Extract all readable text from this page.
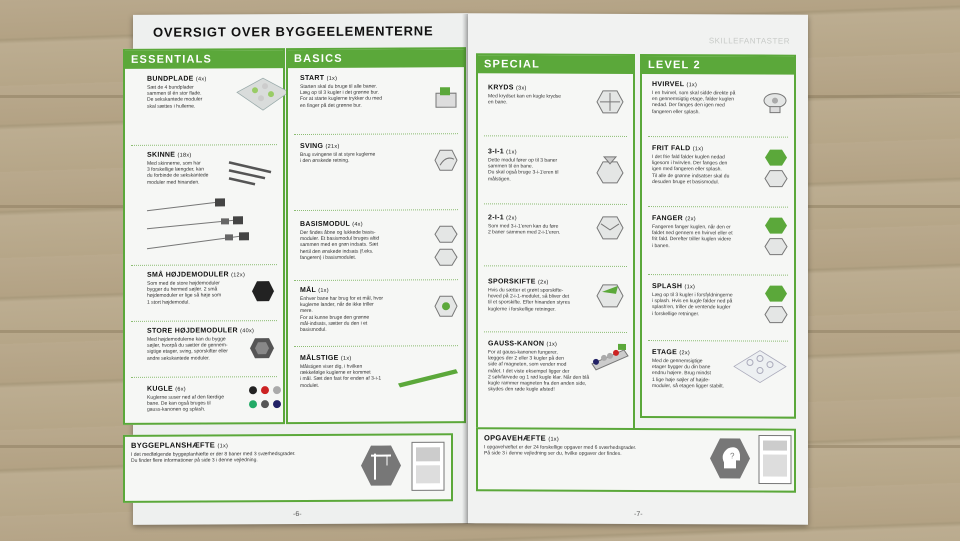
OVERSIGT OVER BYGGEELEMENTERNE
ESSENTIALS
BUNDPLADE (4x)
Sæt de 4 bundplader
sammen til én stor flade.
De sekskantede moduler
skal sættes i hullerne.
SKINNE (18x)
Med skinnerne, som har
3 forskellige længder, kan
du forbinde de sekskantede
moduler med hinanden.
SMÅ HØJDEMODULER (12x)
Som med de store højdemoduler
bygger du hermed søjler. 2 små
højdemoduler er lige så høje som
1 stort højdemodul.
STORE HØJDEMODULER (40x)
Med højdemodulerne kan du bygge
søjler, hvorpå du sætter de gennem-
sigtige etager, sving, sporskifter eller
andre sekskantede moduler.
KUGLE (6x)
Kuglerne suser ned af den færdige
bane. De kan også bruges til
gauss-kanonen og splash.
BASICS
START (1x)
Starten skal du bruge til alle baner.
Læg op til 3 kugler i det grønne bur.
For at starte kuglerne trykker du med
en finger på det grønne bur.
SVING (21x)
Brug svingene til at styre kuglerne
i den ønskede retning.
BASISMODUL (4x)
Der findes åbne og lukkede basis-
moduler. Et basismodul bruges altid
sammen med en grøn indsats. Sæt
hertil den ønskede indsats (f.eks.
fangeren) i basismodulet.
MÅL (1x)
Enhver bane har brug for et mål, hvor
kuglerne lander, når de ikke triller
mere.
For at kunne bruge den grønne
mål-indsats, sætter du den i et
basismodul.
MÅLSTIGE (1x)
Målstigen viser dig, i hvilken
rækkefølge kuglerne er kommet
i mål. Sæt den fast for enden af 3-i-1
modulet.
BYGGEPLANSHÆFTE (1x)
I det medfølgende byggeplanhæfte er der 8 baner med 3 sværhedsgrader.
Du finder flere informationer på side 3 i denne vejledning.
-6-
SKILLEFANTASTER
SPECIAL
KRYDS (3x)
Med krydset kan en kugle krydse
en bane.
3-I-1 (1x)
Dette modul fører op til 3 baner
sammen til én bane.
Du skal også bruge 3-i-1'eren til
målstigen.
2-I-1 (2x)
Som med 3-i-1'eren kan du føre
2 baner sammen med 2-i-1'eren.
SPORSKIFTE (2x)
Hvis du sætter et grønt sporskifte-
hoved på 2-i-1-modulet, så bliver det
til et sporskifte. Efter hinanden styres
kuglerne i forskellige retninger.
GAUSS-KANON (1x)
For at gauss-kanonen fungerer,
lægges der 2 eller 3 kugler på den
side af magneten, som vender mod
målet. I det viste eksempel ligger der
2 sølvfarvede og 1 rød kugle klar. Når den blå
kugle rammer magneten fra den anden side,
skydes den røde kugle afsted!
LEVEL 2
HVIRVEL (1x)
I en hvirvel, som skal sidde direkte på
en gennemsigtig etage, falder kuglen
nedad. Der fanges den igen med
fangeren eller splash.
FRIT FALD (1x)
I det frie fald falder kuglen nedad
ligesom i hvirvlen. Der fanges den
igen med fangeren eller splash.
Til alle de grønne indsatser skal du
desuden bruge et basismodul.
FANGER (2x)
Fangeren fanger kuglen, når den er
faldet ned gennem en hvirvel eller et
frit fald. Derefter triller kuglen videre
i banen.
SPLASH (1x)
Læg op til 3 kugler i forsfyldningerne
i splash. Hvis en kugle falder ned på
splash'en, triller de ventende kugler
i forskellige retninger.
ETAGE (2x)
Med de gennemsigtige
etager bygger du din bane
endnu højere. Brug mindst
1 lige høje søjler af højde-
moduler, så etagen ligger stabilt.
OPGAVEHÆFTE (1x)
I opgavehæftet er der 24 forskellige opgaver med 6 sværhedsgrader.
På side 3 i denne vejledning ser du, hvilke opgaver der findes.	?
-7-
